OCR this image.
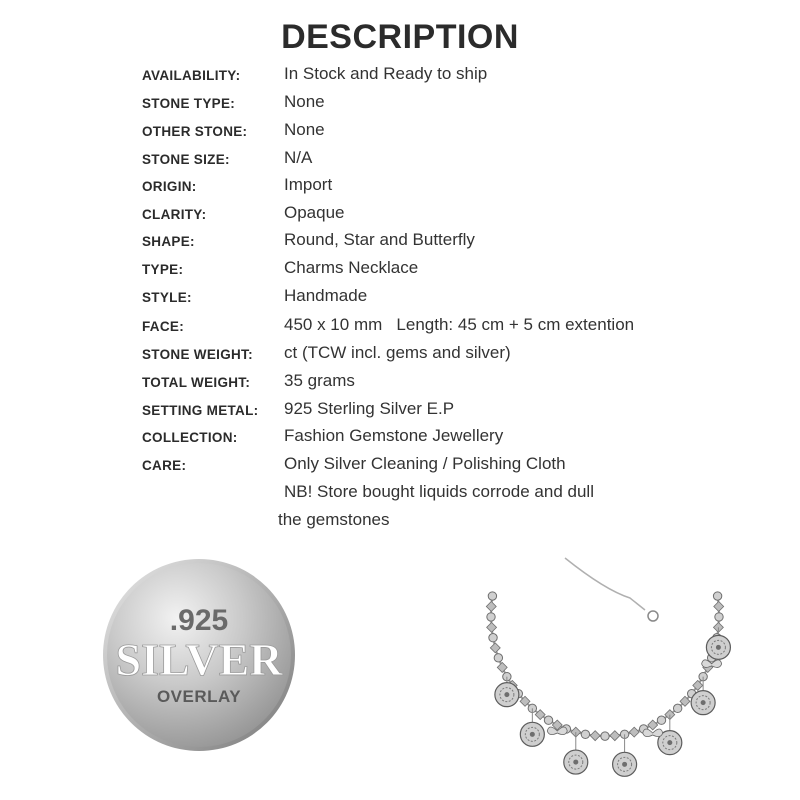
DESCRIPTION
AVAILABILITY:	In Stock and Ready to ship
STONE TYPE:	None
OTHER STONE: None
STONE SIZE:	N/A
ORIGIN:	Import
CLARITY:	Opaque
SHAPE:	Round, Star and Butterfly
TYPE:	Charms Necklace
STYLE:	Handmade
FACE:	450 x 10 mm   Length: 45 cm + 5 cm extention
STONE WEIGHT: ct (TCW incl. gems and silver)
TOTAL WEIGHT: 35 grams
SETTING METAL: 925 Sterling Silver E.P
COLLECTION:	Fashion Gemstone Jewellery
CARE:	Only Silver Cleaning / Polishing Cloth
NB! Store bought liquids corrode and dull
the gemstones
.925
SILVER
OVERLAY
